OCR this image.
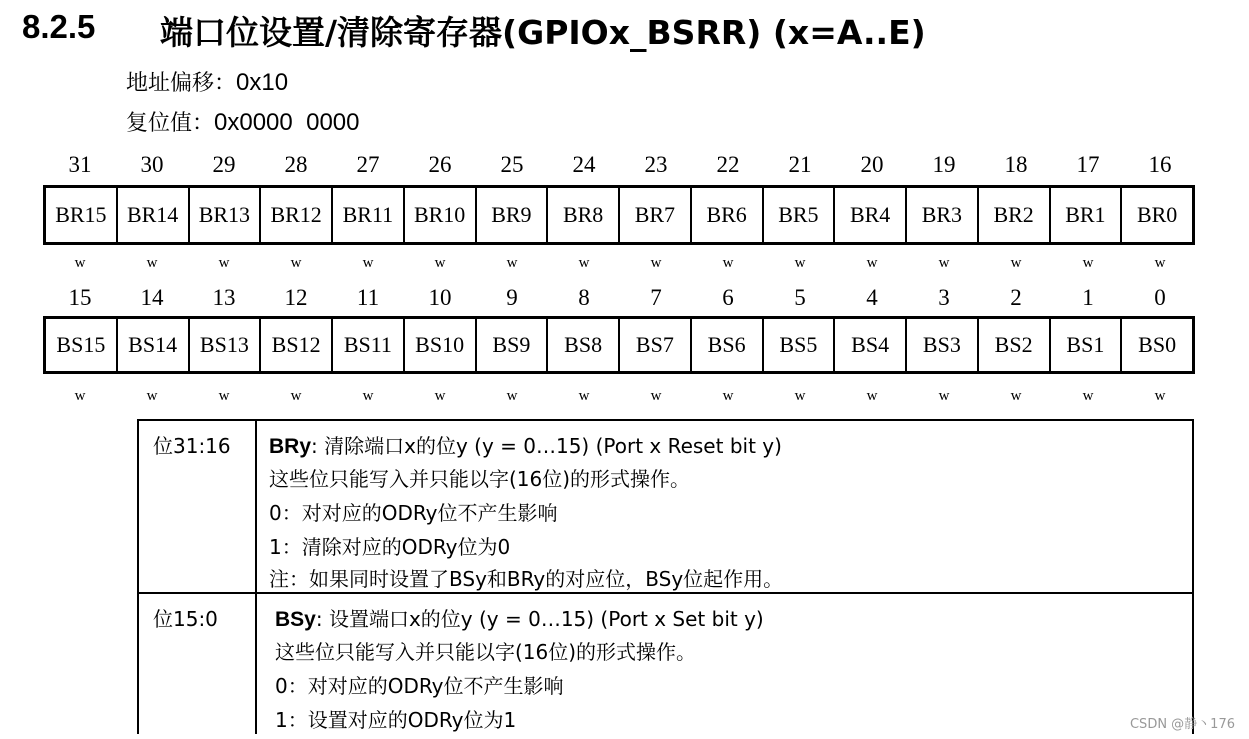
8.2.5 端口位设置/清除寄存器(GPIOx_BSRR) (x=A..E)
地址偏移：0x10
复位值：0x0000  0000
31	30	29	28	27	26	25	24	23	22	21	20	19	18	17	16
BR15 BR14 BR13 BR12 BR11 BR10	BR9	BR8	BR7	BR6	BR5	BR4	BR3	BR2	BR1	BR0
w	w	w	w	w	w	w	w	w	w	w	w	w	w	w	w
15	14	13	12	11	10	9	8	7	6	5	4	3	2	1	0
BS15	BS14	BS13	BS12	BS11	BS10	BS9	BS8	BS7	BS6	BS5	BS4	BS3	BS2	BS1	BS0
w	w	w	w	w	w	w	w	w	w	w	w	w	w	w	w
位31:16 BRy: 清除端口x的位y (y = 0…15) (Port x Reset bit y)
这些位只能写入并只能以字(16位)的形式操作。
0：对对应的ODRy位不产生影响
1：清除对应的ODRy位为0
注：如果同时设置了BSy和BRy的对应位，BSy位起作用。
位15:0	BSy: 设置端口x的位y (y = 0…15) (Port x Set bit y)
这些位只能写入并只能以字(16位)的形式操作。
0：对对应的ODRy位不产生影响
1：设置对应的ODRy位为1	CSDN @静丶176
